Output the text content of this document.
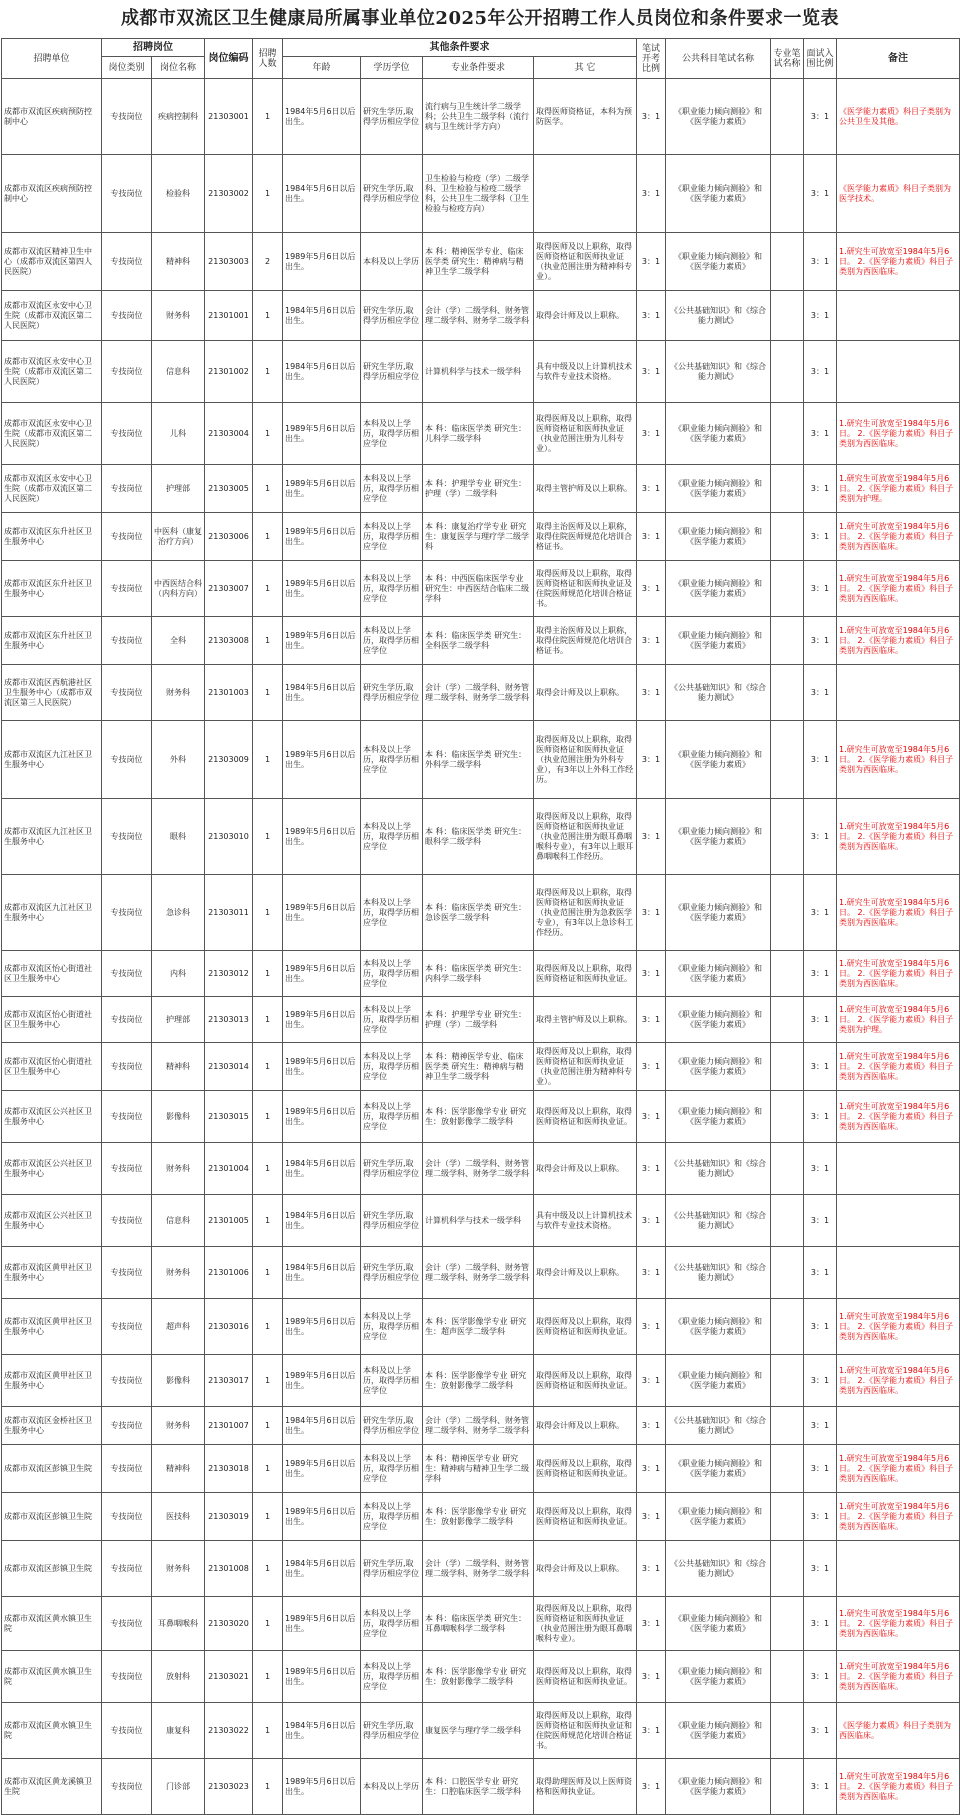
成都市双流区卫生健康局所属事业单位2025年公开招聘工作人员岗位和条件要求一览表
招聘单位	招聘岗位		岗位编码	招聘人数	其他条件要求				笔试开考比例	公共科目笔试名称	专业笔试名称	面试入围比例	备注
	岗位类别	岗位名称			年龄	学历学位	专业条件要求	其 它					
成都市双流区疾病预防控制中心	专技岗位	疾病控制科	21303001	1	1984年5月6日以后出生。	研究生学历,取得学历相应学位	流行病与卫生统计学二级学科；公共卫生二级学科（流行病与卫生统计学方向）	取得医师资格证，本科为预防医学。	3：1	《职业能力倾向测验》和《医学能力素质》		3：1	《医学能力素质》科目子类别为公共卫生及其他。
成都市双流区疾病预防控制中心	专技岗位	检验科	21303002	1	1984年5月6日以后出生。	研究生学历,取得学历相应学位	卫生检验与检疫（学）二级学科、卫生检验与检疫二级学科，公共卫生二级学科（卫生检验与检疫方向）		3：1	《职业能力倾向测验》和《医学能力素质》		3：1	《医学能力素质》科目子类别为医学技术。
成都市双流区精神卫生中心（成都市双流区第四人民医院）	专技岗位	精神科	21303003	2	1989年5月6日以后出生。	本科及以上学历	本 科：精神医学专业、临床医学类 研究生：精神病与精神卫生学二级学科	取得医师及以上职称，取得医师资格证和医师执业证（执业范围注册为精神科专业）。	3：1	《职业能力倾向测验》和《医学能力素质》		3：1	1.研究生可放宽至1984年5月6日。 2.《医学能力素质》科目子类别为西医临床。
成都市双流区永安中心卫生院（成都市双流区第二人民医院）	专技岗位	财务科	21301001	1	1984年5月6日以后出生。	研究生学历,取得学历相应学位	会计（学）二级学科、财务管理二级学科、财务学二级学科	取得会计师及以上职称。	3：1	《公共基础知识》和《综合能力测试》		3：1	
成都市双流区永安中心卫生院（成都市双流区第二人民医院）	专技岗位	信息科	21301002	1	1984年5月6日以后出生。	研究生学历,取得学历相应学位	计算机科学与技术一级学科	具有中级及以上计算机技术与软件专业技术资格。	3：1	《公共基础知识》和《综合能力测试》		3：1	
成都市双流区永安中心卫生院（成都市双流区第二人民医院）	专技岗位	儿科	21303004	1	1989年5月6日以后出生。	本科及以上学历，取得学历相应学位	本 科：临床医学类 研究生：儿科学二级学科	取得医师及以上职称，取得医师资格证和医师执业证（执业范围注册为儿科专业）。	3：1	《职业能力倾向测验》和《医学能力素质》		3：1	1.研究生可放宽至1984年5月6日。 2.《医学能力素质》科目子类别为西医临床。
成都市双流区永安中心卫生院（成都市双流区第二人民医院）	专技岗位	护理部	21303005	1	1989年5月6日以后出生。	本科及以上学历，取得学历相应学位	本 科：护理学专业 研究生：护理（学）二级学科	取得主管护师及以上职称。	3：1	《职业能力倾向测验》和《医学能力素质》		3：1	1.研究生可放宽至1984年5月6日。 2.《医学能力素质》科目子类别为护理。
成都市双流区东升社区卫生服务中心	专技岗位	中医科（康复治疗方向）	21303006	1	1989年5月6日以后出生。	本科及以上学历，取得学历相应学位	本 科：康复治疗学专业 研究生：康复医学与理疗学二级学科	取得主治医师及以上职称，取得住院医师规范化培训合格证书。	3：1	《职业能力倾向测验》和《医学能力素质》		3：1	1.研究生可放宽至1984年5月6日。 2.《医学能力素质》科目子类别为西医临床。
成都市双流区东升社区卫生服务中心	专技岗位	中西医结合科（内科方向）	21303007	1	1989年5月6日以后出生。	本科及以上学历，取得学历相应学位	本 科：中西医临床医学专业 研究生：中西医结合临床二级学科	取得医师及以上职称，取得医师资格证和医师执业证及住院医师规范化培训合格证书。	3：1	《职业能力倾向测验》和《医学能力素质》		3：1	1.研究生可放宽至1984年5月6日。 2.《医学能力素质》科目子类别为西医临床。
成都市双流区东升社区卫生服务中心	专技岗位	全科	21303008	1	1989年5月6日以后出生。	本科及以上学历，取得学历相应学位	本 科：临床医学类 研究生：全科医学二级学科	取得主治医师及以上职称，取得住院医师规范化培训合格证书。	3：1	《职业能力倾向测验》和《医学能力素质》		3：1	1.研究生可放宽至1984年5月6日。 2.《医学能力素质》科目子类别为西医临床。
成都市双流区西航港社区卫生服务中心（成都市双流区第三人民医院）	专技岗位	财务科	21301003	1	1984年5月6日以后出生。	研究生学历,取得学历相应学位	会计（学）二级学科、财务管理二级学科、财务学二级学科	取得会计师及以上职称。	3：1	《公共基础知识》和《综合能力测试》		3：1	
成都市双流区九江社区卫生服务中心	专技岗位	外科	21303009	1	1989年5月6日以后出生。	本科及以上学历，取得学历相应学位	本 科：临床医学类 研究生：外科学二级学科	取得医师及以上职称，取得医师资格证和医师执业证（执业范围注册为外科专业），有3年以上外科工作经历。	3：1	《职业能力倾向测验》和《医学能力素质》		3：1	1.研究生可放宽至1984年5月6日。 2.《医学能力素质》科目子类别为西医临床。
成都市双流区九江社区卫生服务中心	专技岗位	眼科	21303010	1	1989年5月6日以后出生。	本科及以上学历，取得学历相应学位	本 科：临床医学类 研究生：眼科学二级学科	取得医师及以上职称，取得医师资格证和医师执业证（执业范围注册为眼耳鼻咽喉科专业），有3年以上眼耳鼻咽喉科工作经历。	3：1	《职业能力倾向测验》和《医学能力素质》		3：1	1.研究生可放宽至1984年5月6日。 2.《医学能力素质》科目子类别为西医临床。
成都市双流区九江社区卫生服务中心	专技岗位	急诊科	21303011	1	1989年5月6日以后出生。	本科及以上学历，取得学历相应学位	本 科：临床医学类 研究生：急诊医学二级学科	取得医师及以上职称，取得医师资格证和医师执业证（执业范围注册为急救医学专业），有3年以上急诊科工作经历。	3：1	《职业能力倾向测验》和《医学能力素质》		3：1	1.研究生可放宽至1984年5月6日。 2.《医学能力素质》科目子类别为西医临床。
成都市双流区怡心街道社区卫生服务中心	专技岗位	内科	21303012	1	1989年5月6日以后出生。	本科及以上学历，取得学历相应学位	本 科：临床医学类 研究生：内科学二级学科	取得医师及以上职称，取得医师资格证和医师执业证。	3：1	《职业能力倾向测验》和《医学能力素质》		3：1	1.研究生可放宽至1984年5月6日。 2.《医学能力素质》科目子类别为西医临床。
成都市双流区怡心街道社区卫生服务中心	专技岗位	护理部	21303013	1	1989年5月6日以后出生。	本科及以上学历，取得学历相应学位	本 科：护理学专业 研究生：护理（学）二级学科	取得主管护师及以上职称。	3：1	《职业能力倾向测验》和《医学能力素质》		3：1	1.研究生可放宽至1984年5月6日。 2.《医学能力素质》科目子类别为护理。
成都市双流区怡心街道社区卫生服务中心	专技岗位	精神科	21303014	1	1989年5月6日以后出生。	本科及以上学历，取得学历相应学位	本 科：精神医学专业、临床医学类 研究生：精神病与精神卫生学二级学科	取得医师及以上职称，取得医师资格证和医师执业证（执业范围注册为精神科专业）。	3：1	《职业能力倾向测验》和《医学能力素质》		3：1	1.研究生可放宽至1984年5月6日。 2.《医学能力素质》科目子类别为西医临床。
成都市双流区公兴社区卫生服务中心	专技岗位	影像科	21303015	1	1989年5月6日以后出生。	本科及以上学历，取得学历相应学位	本 科：医学影像学专业 研究生：放射影像学二级学科	取得医师及以上职称，取得医师资格证和医师执业证。	3：1	《职业能力倾向测验》和《医学能力素质》		3：1	1.研究生可放宽至1984年5月6日。 2.《医学能力素质》科目子类别为西医临床。
成都市双流区公兴社区卫生服务中心	专技岗位	财务科	21301004	1	1984年5月6日以后出生。	研究生学历,取得学历相应学位	会计（学）二级学科、财务管理二级学科、财务学二级学科	取得会计师及以上职称。	3：1	《公共基础知识》和《综合能力测试》		3：1	
成都市双流区公兴社区卫生服务中心	专技岗位	信息科	21301005	1	1984年5月6日以后出生。	研究生学历,取得学历相应学位	计算机科学与技术一级学科	具有中级及以上计算机技术与软件专业技术资格。	3：1	《公共基础知识》和《综合能力测试》		3：1	
成都市双流区黄甲社区卫生服务中心	专技岗位	财务科	21301006	1	1984年5月6日以后出生。	研究生学历,取得学历相应学位	会计（学）二级学科、财务管理二级学科、财务学二级学科	取得会计师及以上职称。	3：1	《公共基础知识》和《综合能力测试》		3：1	
成都市双流区黄甲社区卫生服务中心	专技岗位	超声科	21303016	1	1989年5月6日以后出生。	本科及以上学历，取得学历相应学位	本 科：医学影像学专业 研究生：超声医学二级学科	取得医师及以上职称，取得医师资格证和医师执业证。	3：1	《职业能力倾向测验》和《医学能力素质》		3：1	1.研究生可放宽至1984年5月6日。 2.《医学能力素质》科目子类别为西医临床。
成都市双流区黄甲社区卫生服务中心	专技岗位	影像科	21303017	1	1989年5月6日以后出生。	本科及以上学历，取得学历相应学位	本 科：医学影像学专业 研究生：放射影像学二级学科	取得医师及以上职称，取得医师资格证和医师执业证。	3：1	《职业能力倾向测验》和《医学能力素质》		3：1	1.研究生可放宽至1984年5月6日。 2.《医学能力素质》科目子类别为西医临床。
成都市双流区金桥社区卫生服务中心	专技岗位	财务科	21301007	1	1984年5月6日以后出生。	研究生学历,取得学历相应学位	会计（学）二级学科、财务管理二级学科、财务学二级学科	取得会计师及以上职称。	3：1	《公共基础知识》和《综合能力测试》		3：1	
成都市双流区彭镇卫生院	专技岗位	精神科	21303018	1	1989年5月6日以后出生。	本科及以上学历，取得学历相应学位	本 科：精神医学专业 研究生：精神病与精神卫生学二级学科	取得医师及以上职称，取得医师资格证和医师执业证。	3：1	《职业能力倾向测验》和《医学能力素质》		3：1	1.研究生可放宽至1984年5月6日。 2.《医学能力素质》科目子类别为西医临床。
成都市双流区彭镇卫生院	专技岗位	医技科	21303019	1	1989年5月6日以后出生。	本科及以上学历，取得学历相应学位	本 科：医学影像学专业 研究生：放射影像学二级学科	取得医师及以上职称，取得医师资格证和医师执业证。	3：1	《职业能力倾向测验》和《医学能力素质》		3：1	1.研究生可放宽至1984年5月6日。 2.《医学能力素质》科目子类别为西医临床。
成都市双流区彭镇卫生院	专技岗位	财务科	21301008	1	1984年5月6日以后出生。	研究生学历,取得学历相应学位	会计（学）二级学科、财务管理二级学科、财务学二级学科	取得会计师及以上职称。	3：1	《公共基础知识》和《综合能力测试》		3：1	
成都市双流区黄水镇卫生院	专技岗位	耳鼻咽喉科	21303020	1	1989年5月6日以后出生。	本科及以上学历，取得学历相应学位	本 科：临床医学类 研究生：耳鼻咽喉科学二级学科	取得医师及以上职称，取得医师资格证和医师执业证（执业范围注册为眼耳鼻咽喉科专业）。	3：1	《职业能力倾向测验》和《医学能力素质》		3：1	1.研究生可放宽至1984年5月6日。 2.《医学能力素质》科目子类别为西医临床。
成都市双流区黄水镇卫生院	专技岗位	放射科	21303021	1	1989年5月6日以后出生。	本科及以上学历，取得学历相应学位	本 科：医学影像学专业 研究生：放射影像学二级学科	取得医师及以上职称，取得医师资格证和医师执业证。	3：1	《职业能力倾向测验》和《医学能力素质》		3：1	1.研究生可放宽至1984年5月6日。 2.《医学能力素质》科目子类别为西医临床。
成都市双流区黄水镇卫生院	专技岗位	康复科	21303022	1	1984年5月6日以后出生。	研究生学历,取得学历相应学位	康复医学与理疗学二级学科	取得医师及以上职称，取得医师资格证和医师执业证和住院医师规范化培训合格证书。	3：1	《职业能力倾向测验》和《医学能力素质》		3：1	《医学能力素质》科目子类别为西医临床。
成都市双流区黄龙溪镇卫生院	专技岗位	门诊部	21303023	1	1989年5月6日以后出生。	本科及以上学历	本 科：口腔医学专业 研究生：口腔临床医学二级学科	取得助理医师及以上医师资格和医师执业证。	3：1	《职业能力倾向测验》和《医学能力素质》		3：1	1.研究生可放宽至1984年5月6日。 2.《医学能力素质》科目子类别为西医临床。
